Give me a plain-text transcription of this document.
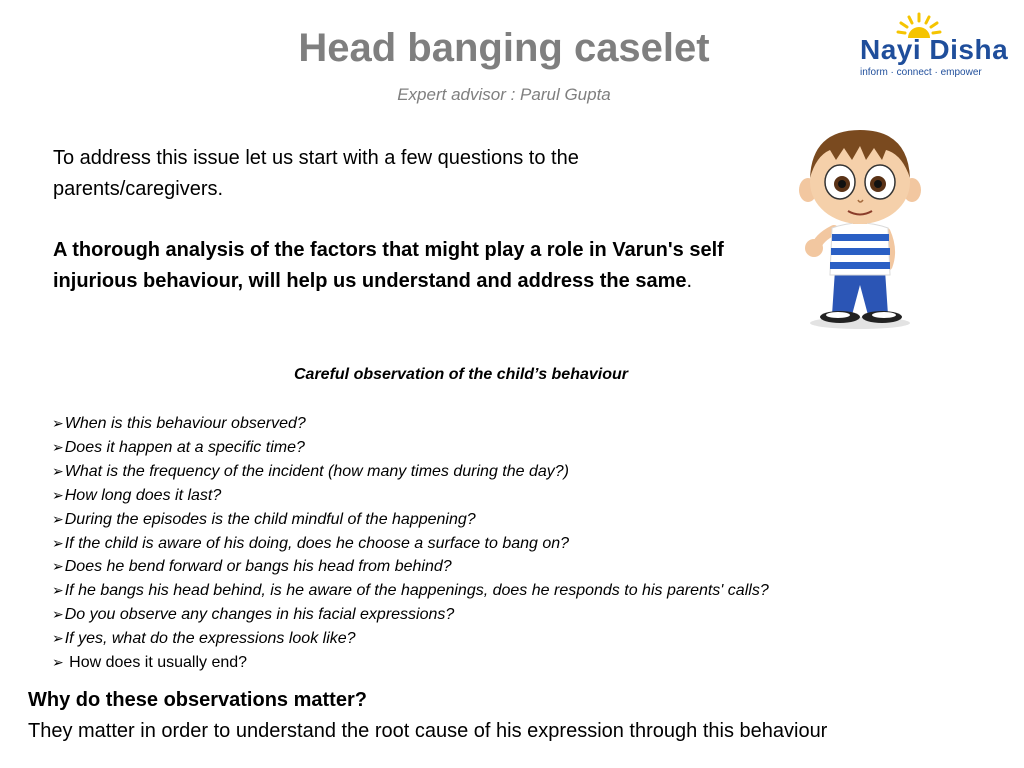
Head banging caselet
Expert advisor : Parul Gupta
Nayi Disha
inform · connect · empower
To address this issue let us start with a few questions to the parents/caregivers.
A thorough analysis of the factors that might play a role in Varun's self injurious behaviour, will help us understand and address the same.
Careful observation of the child’s behaviour
➢When is this behaviour observed?
➢Does it happen at a specific time?
➢What is the frequency of the incident (how many times during the day?)
➢How long does it last?
➢During the episodes is the child mindful of the happening?
➢If the child is aware of his doing, does he choose a surface to bang on?
➢Does he bend forward or bangs his head from behind?
➢If he bangs his head behind, is he aware of the happenings, does he responds to his parents' calls?
➢Do you observe any changes in his facial expressions?
➢If yes, what do the expressions look like?
➢ How does it usually end?
Why do these observations matter?
They matter in order to understand the root cause of his expression through this behaviour
